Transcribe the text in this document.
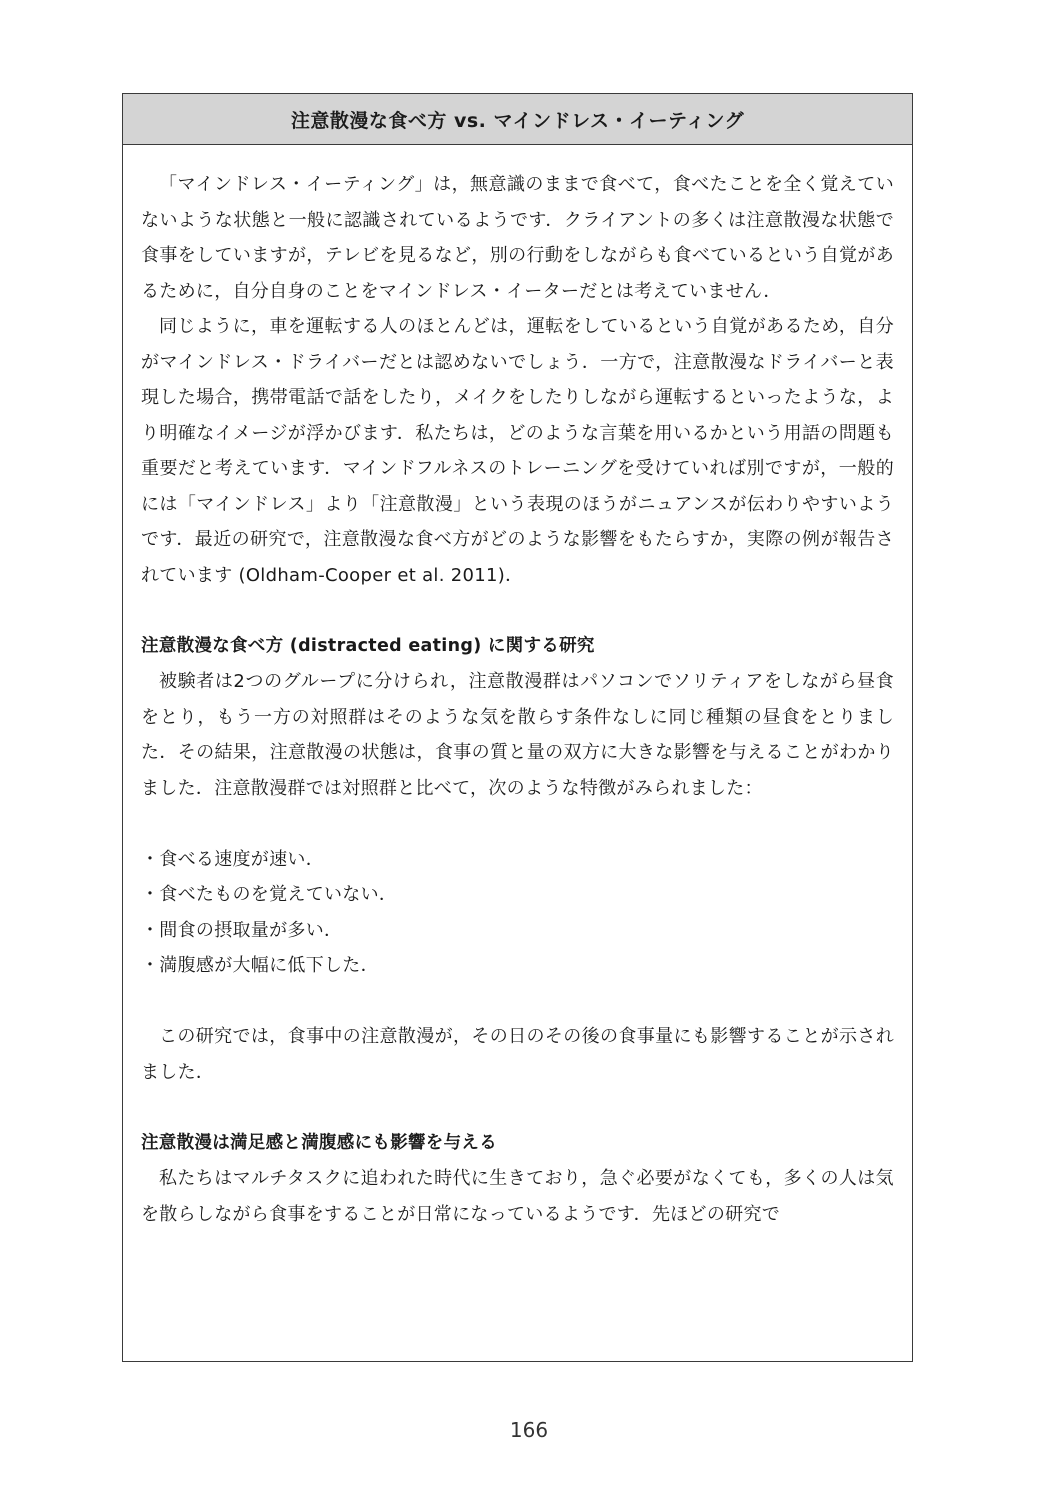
注意散漫な食べ方 vs. マインドレス・イーティング

「マインドレス・イーティング」は，無意識のままで食べて，食べたことを全く覚えていないような状態と一般に認識されているようです．クライアントの多くは注意散漫な状態で食事をしていますが，テレビを見るなど，別の行動をしながらも食べているという自覚があるために，自分自身のことをマインドレス・イーターだとは考えていません．

同じように，車を運転する人のほとんどは，運転をしているという自覚があるため，自分がマインドレス・ドライバーだとは認めないでしょう．一方で，注意散漫なドライバーと表現した場合，携帯電話で話をしたり，メイクをしたりしながら運転するといったような，より明確なイメージが浮かびます．私たちは，どのような言葉を用いるかという用語の問題も重要だと考えています．マインドフルネスのトレーニングを受けていれば別ですが，一般的には「マインドレス」より「注意散漫」という表現のほうがニュアンスが伝わりやすいようです．最近の研究で，注意散漫な食べ方がどのような影響をもたらすか，実際の例が報告されています (Oldham-Cooper et al. 2011)．

注意散漫な食べ方 (distracted eating) に関する研究

被験者は2つのグループに分けられ，注意散漫群はパソコンでソリティアをしながら昼食をとり，もう一方の対照群はそのような気を散らす条件なしに同じ種類の昼食をとりました．その結果，注意散漫の状態は，食事の質と量の双方に大きな影響を与えることがわかりました．注意散漫群では対照群と比べて，次のような特徴がみられました：

・食べる速度が速い．

・食べたものを覚えていない．

・間食の摂取量が多い．

・満腹感が大幅に低下した．

この研究では，食事中の注意散漫が，その日のその後の食事量にも影響することが示されました．

注意散漫は満足感と満腹感にも影響を与える

私たちはマルチタスクに追われた時代に生きており，急ぐ必要がなくても，多くの人は気を散らしながら食事をすることが日常になっているようです．先ほどの研究で

166
